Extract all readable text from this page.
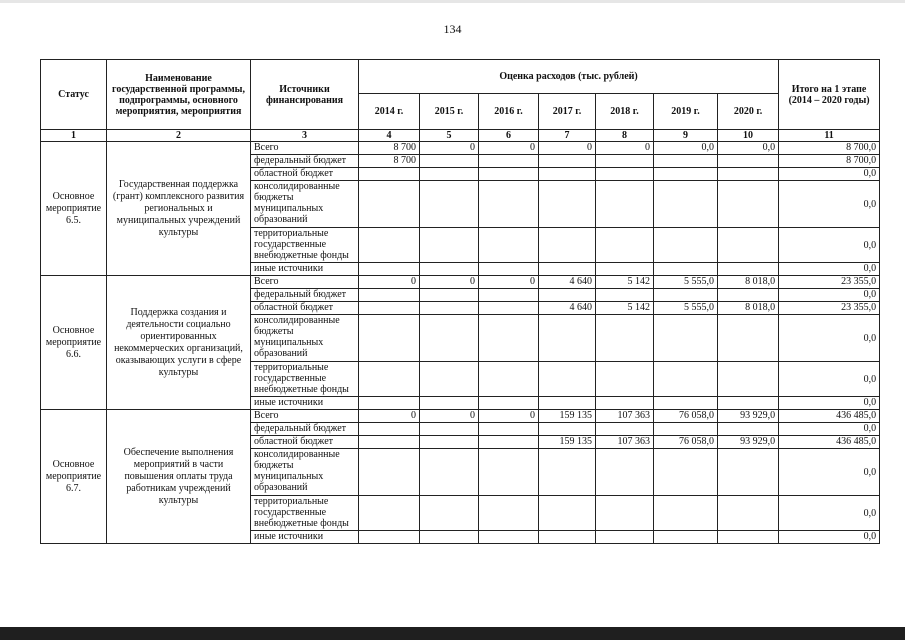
134
Статус	Наименование государственной программы, подпрограммы, основного мероприятия, мероприятия	Источники финансирования	Оценка расходов (тыс. рублей)							Итого на 1 этапе (2014 – 2020 годы)
			2014 г.	2015 г.	2016 г.	2017 г.	2018 г.	2019 г.	2020 г.	
1	2	3	4	5	6	7	8	9	10	11
Основное мероприятие 6.5.	Государственная поддержка (грант) комплексного развития региональных и муниципальных учреждений культуры	Всего	8 700	0	0	0	0	0,0	0,0	8 700,0
		федеральный бюджет	8 700							8 700,0
		областной бюджет								0,0
		консолидированные бюджеты муниципальных образований								0,0
		территориальные государственные внебюджетные фонды								0,0
		иные источники								0,0
Основное мероприятие 6.6.	Поддержка создания и деятельности социально ориентированных некоммерческих организаций, оказывающих услуги в сфере культуры	Всего	0	0	0	4 640	5 142	5 555,0	8 018,0	23 355,0
		федеральный бюджет								0,0
		областной бюджет				4 640	5 142	5 555,0	8 018,0	23 355,0
		консолидированные бюджеты муниципальных образований								0,0
		территориальные государственные внебюджетные фонды								0,0
		иные источники								0,0
Основное мероприятие 6.7.	Обеспечение выполнения мероприятий в части повышения оплаты труда работникам учреждений культуры	Всего	0	0	0	159 135	107 363	76 058,0	93 929,0	436 485,0
		федеральный бюджет								0,0
		областной бюджет				159 135	107 363	76 058,0	93 929,0	436 485,0
		консолидированные бюджеты муниципальных образований								0,0
		территориальные государственные внебюджетные фонды								0,0
		иные источники								0,0
